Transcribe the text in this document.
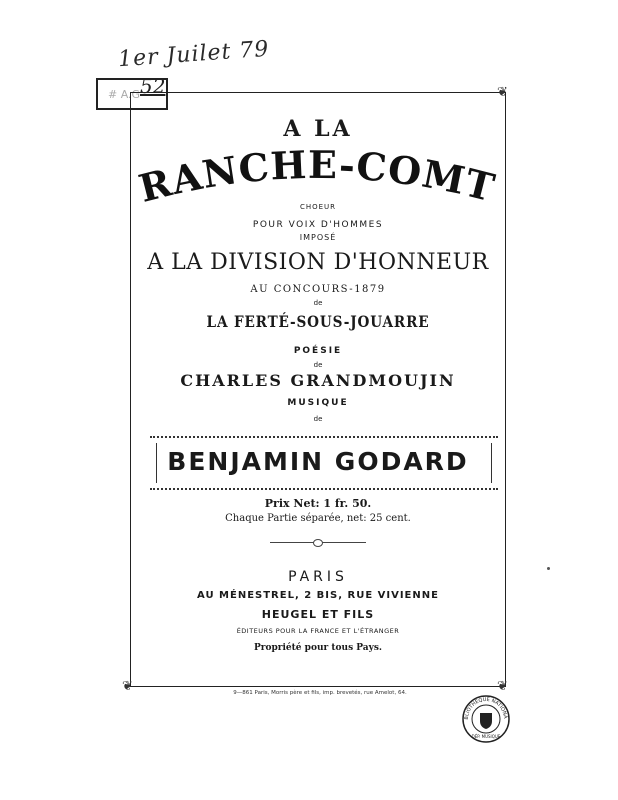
1er Juilet 79
# A.G 52	❦
❦	❦
A LA
RANCHE-COMT
CHOEUR
POUR VOIX D'HOMMES
IMPOSÉ
A LA DIVISION D'HONNEUR
AU CONCOURS-1879
de
LA FERTÉ-SOUS-JOUARRE
POÉSIE
de
CHARLES GRANDMOUJIN
MUSIQUE
de
BENJAMIN GODARD
Prix Net: 1 fr. 50.
Chaque Partie séparée, net: 25 cent.
PARIS
AU MÉNESTREL, 2 BIS, RUE VIVIENNE
HEUGEL ET FILS
ÉDITEURS POUR LA FRANCE ET L'ÉTRANGER
Propriété pour tous Pays.
9—861 Paris, Morris père et fils, imp. brevetés, rue Amelot, 64.
BLIOTHÈQUE NATIONA
DÉP. MUSIQUE
